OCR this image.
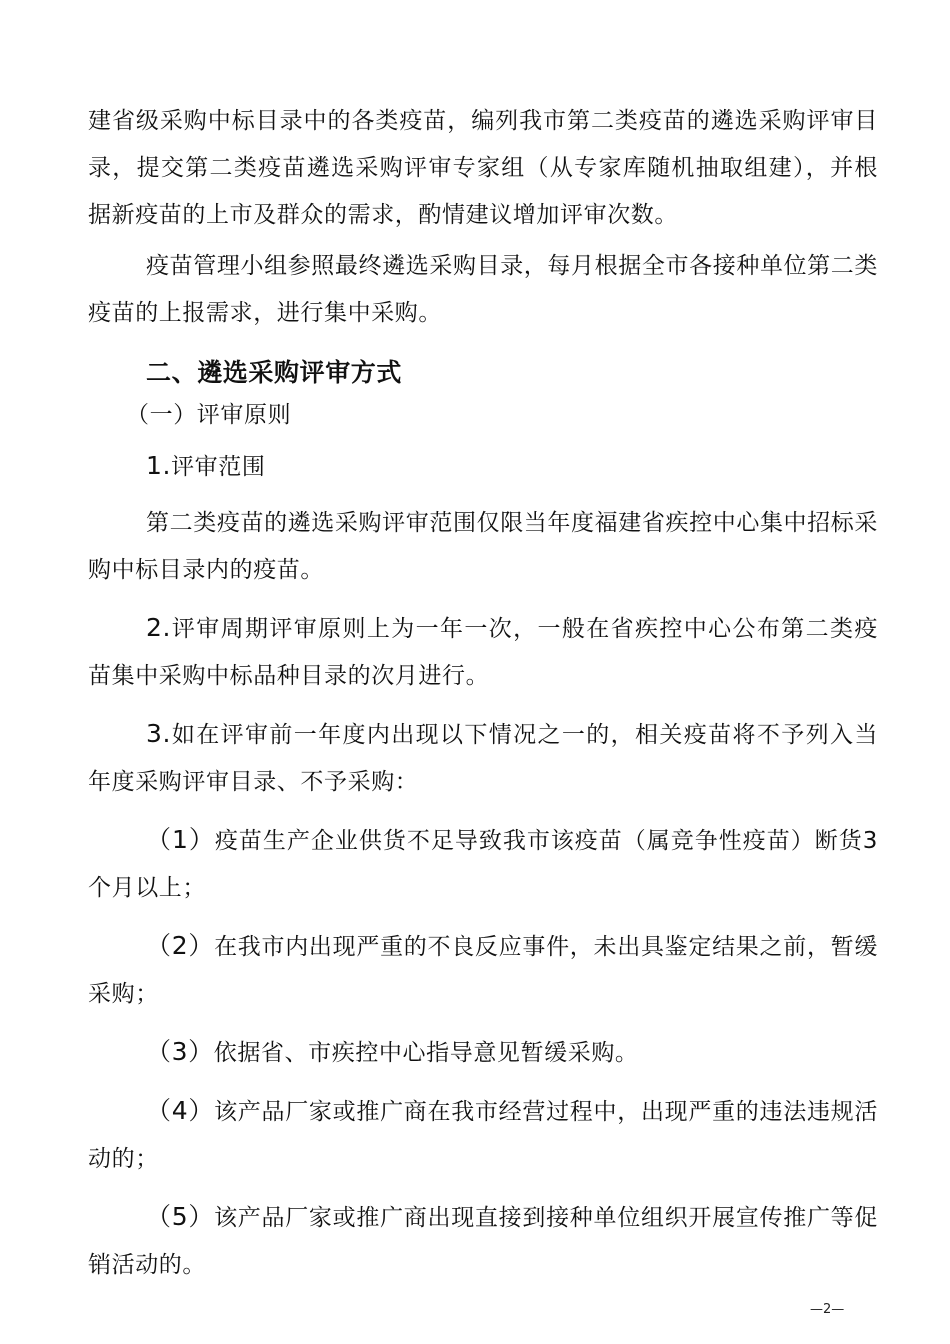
建省级采购中标目录中的各类疫苗，编列我市第二类疫苗的遴选采购评审目录，提交第二类疫苗遴选采购评审专家组（从专家库随机抽取组建），并根据新疫苗的上市及群众的需求，酌情建议增加评审次数。

疫苗管理小组参照最终遴选采购目录，每月根据全市各接种单位第二类疫苗的上报需求，进行集中采购。

二、遴选采购评审方式

（一）评审原则

1.评审范围

第二类疫苗的遴选采购评审范围仅限当年度福建省疾控中心集中招标采购中标目录内的疫苗。

2.评审周期评审原则上为一年一次，一般在省疾控中心公布第二类疫苗集中采购中标品种目录的次月进行。

3.如在评审前一年度内出现以下情况之一的，相关疫苗将不予列入当年度采购评审目录、不予采购：

（1）疫苗生产企业供货不足导致我市该疫苗（属竞争性疫苗）断货3个月以上；

（2）在我市内出现严重的不良反应事件，未出具鉴定结果之前，暂缓采购；

（3）依据省、市疾控中心指导意见暂缓采购。

（4）该产品厂家或推广商在我市经营过程中，出现严重的违法违规活动的；

（5）该产品厂家或推广商出现直接到接种单位组织开展宣传推广等促销活动的。

—2—
